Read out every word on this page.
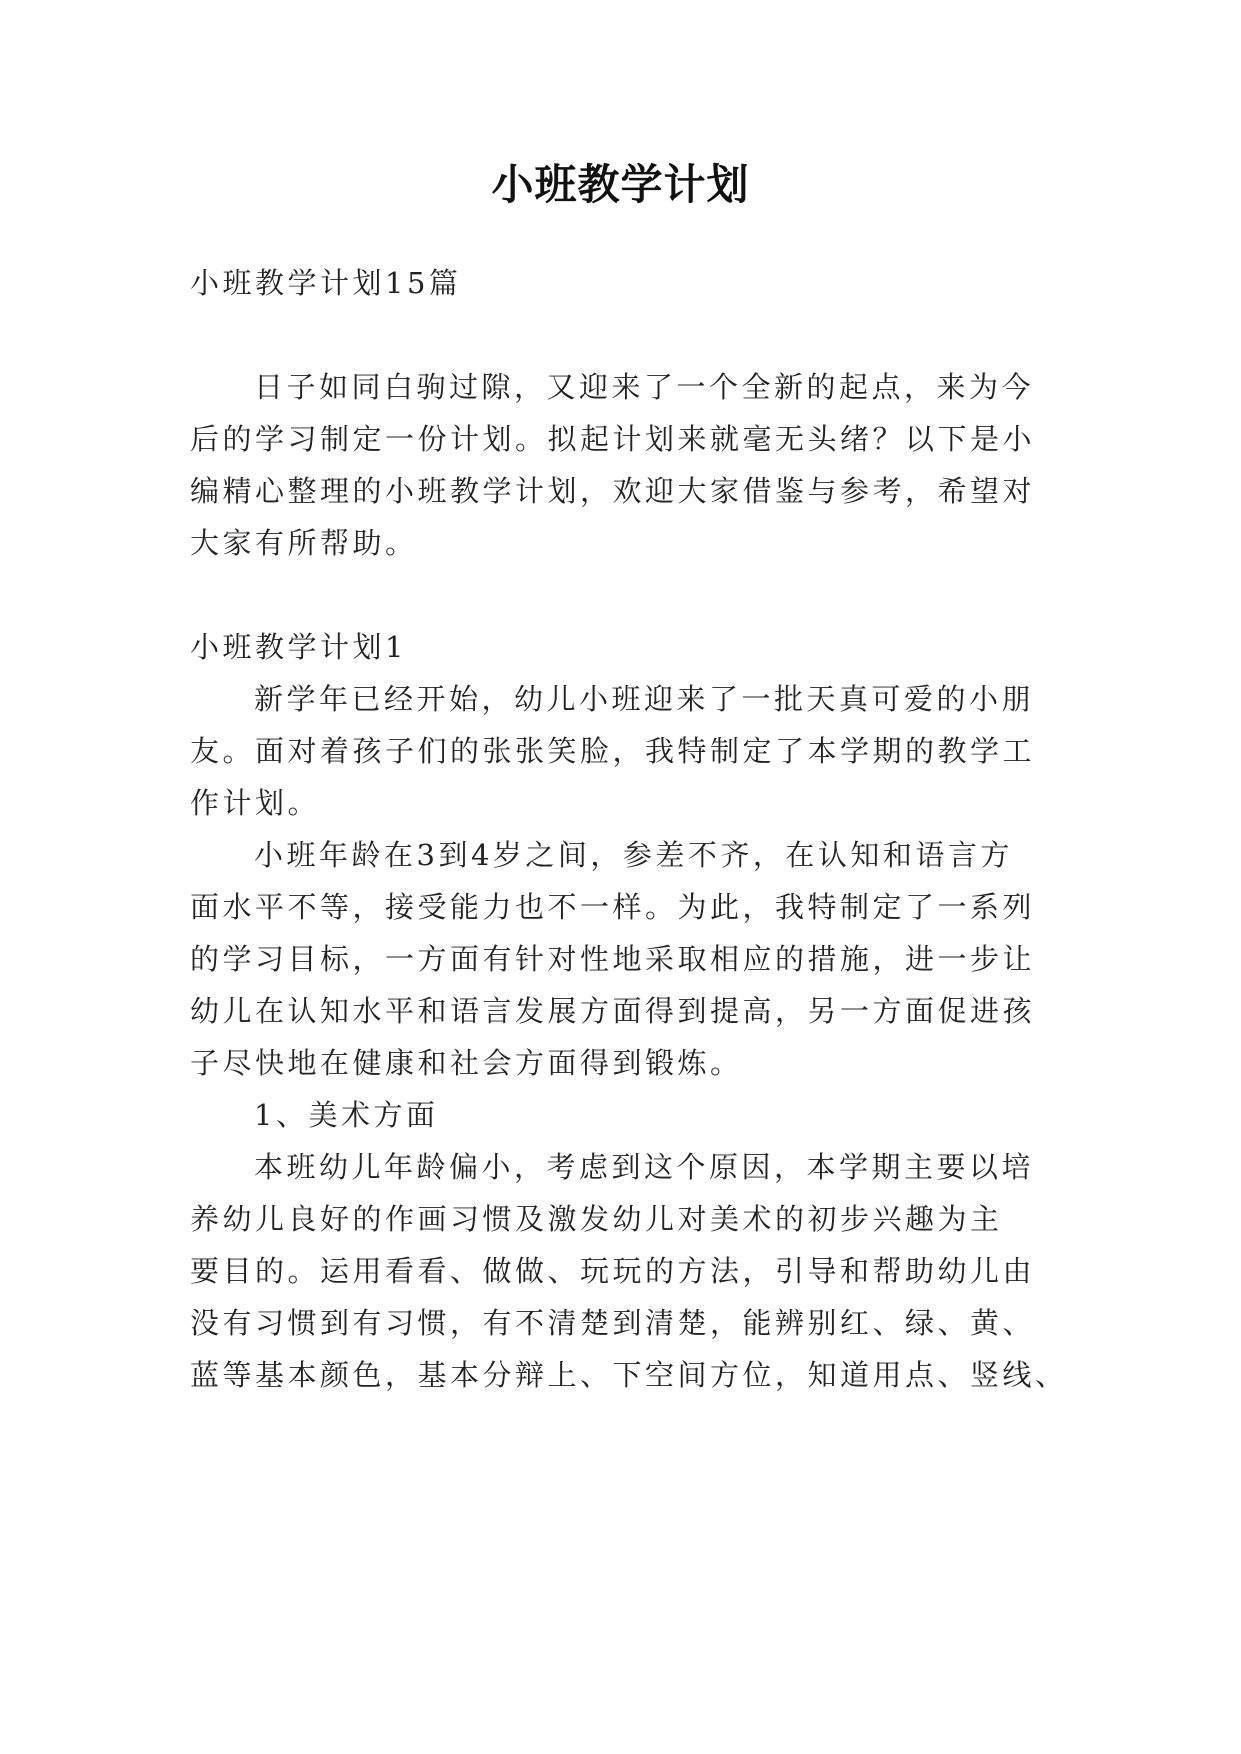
小班教学计划
小班教学计划15篇
日子如同白驹过隙，又迎来了一个全新的起点，来为今
后的学习制定一份计划。拟起计划来就毫无头绪？以下是小
编精心整理的小班教学计划，欢迎大家借鉴与参考，希望对
大家有所帮助。
小班教学计划1
新学年已经开始，幼儿小班迎来了一批天真可爱的小朋
友。面对着孩子们的张张笑脸，我特制定了本学期的教学工
作计划。
小班年龄在3到4岁之间，参差不齐，在认知和语言方
面水平不等，接受能力也不一样。为此，我特制定了一系列
的学习目标，一方面有针对性地采取相应的措施，进一步让
幼儿在认知水平和语言发展方面得到提高，另一方面促进孩
子尽快地在健康和社会方面得到锻炼。
1、美术方面
本班幼儿年龄偏小，考虑到这个原因，本学期主要以培
养幼儿良好的作画习惯及激发幼儿对美术的初步兴趣为主
要目的。运用看看、做做、玩玩的方法，引导和帮助幼儿由
没有习惯到有习惯，有不清楚到清楚，能辨别红、绿、黄、
蓝等基本颜色，基本分辩上、下空间方位，知道用点、竖线、
